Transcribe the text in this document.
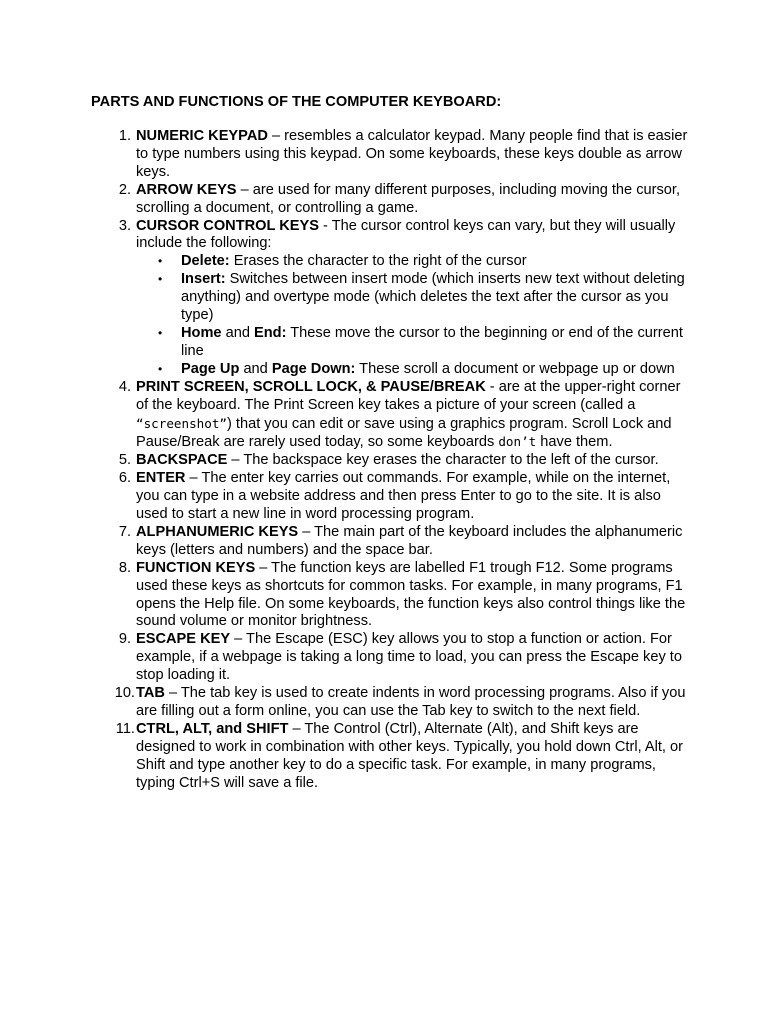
PARTS AND FUNCTIONS OF THE COMPUTER KEYBOARD:
1. NUMERIC KEYPAD – resembles a calculator keypad. Many people find that is easier to type numbers using this keypad. On some keyboards, these keys double as arrow keys.
2. ARROW KEYS – are used for many different purposes, including moving the cursor, scrolling a document, or controlling a game.
3. CURSOR CONTROL KEYS - The cursor control keys can vary, but they will usually include the following:
• Delete: Erases the character to the right of the cursor
• Insert: Switches between insert mode (which inserts new text without deleting anything) and overtype mode (which deletes the text after the cursor as you type)
• Home and End: These move the cursor to the beginning or end of the current line
• Page Up and Page Down: These scroll a document or webpage up or down
4. PRINT SCREEN, SCROLL LOCK, & PAUSE/BREAK - are at the upper-right corner of the keyboard. The Print Screen key takes a picture of your screen (called a “screenshot”) that you can edit or save using a graphics program. Scroll Lock and Pause/Break are rarely used today, so some keyboards don’t have them.
5. BACKSPACE – The backspace key erases the character to the left of the cursor.
6. ENTER – The enter key carries out commands. For example, while on the internet, you can type in a website address and then press Enter to go to the site. It is also used to start a new line in word processing program.
7. ALPHANUMERIC KEYS – The main part of the keyboard includes the alphanumeric keys (letters and numbers) and the space bar.
8. FUNCTION KEYS – The function keys are labelled F1 trough F12. Some programs used these keys as shortcuts for common tasks. For example, in many programs, F1 opens the Help file. On some keyboards, the function keys also control things like the sound volume or monitor brightness.
9. ESCAPE KEY – The Escape (ESC) key allows you to stop a function or action. For example, if a webpage is taking a long time to load, you can press the Escape key to stop loading it.
10. TAB – The tab key is used to create indents in word processing programs. Also if you are filling out a form online, you can use the Tab key to switch to the next field.
11. CTRL, ALT, and SHIFT – The Control (Ctrl), Alternate (Alt), and Shift keys are designed to work in combination with other keys. Typically, you hold down Ctrl, Alt, or Shift and type another key to do a specific task. For example, in many programs, typing Ctrl+S will save a file.
